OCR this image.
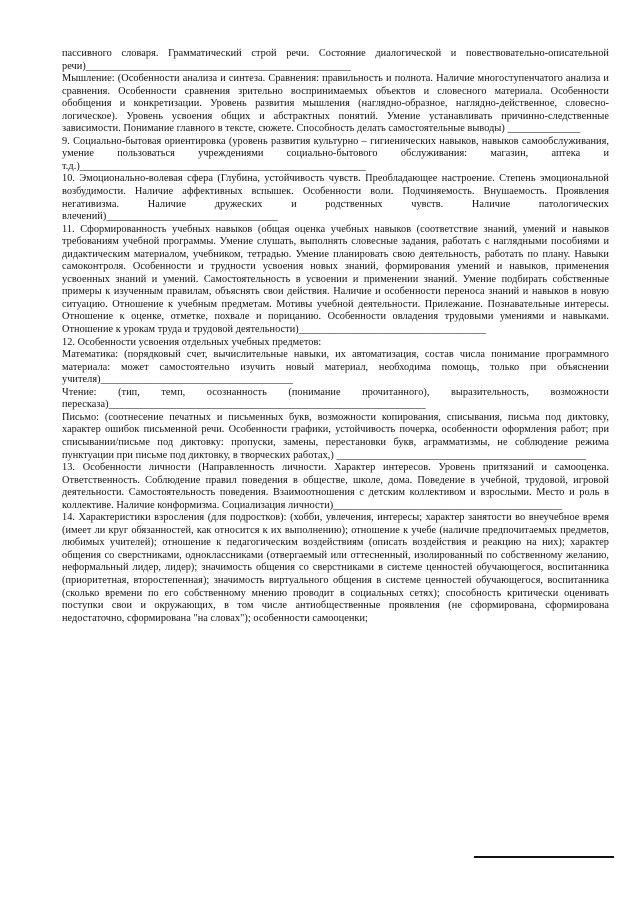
пассивного словаря. Грамматический строй речи. Состояние диалогической и повествовательно-описательной речи)___________________________________________________

Мышление: (Особенности анализа и синтеза. Сравнения: правильность и полнота. Наличие многоступенчатого анализа и сравнения. Особенности сравнения зрительно воспринимаемых объектов и словесного материала. Особенности обобщения и конкретизации. Уровень развития мышления (наглядно-образное, наглядно-действенное, словесно-логическое). Уровень усвоения общих и абстрактных понятий. Умение устанавливать причинно-следственные зависимости. Понимание главного в тексте, сюжете. Способность делать самостоятельные выводы) ______________

9. Социально-бытовая ориентировка (уровень развития культурно – гигиенических навыков, навыков самообслуживания, умение пользоваться учреждениями социально-бытового обслуживания: магазин, аптека и т.д.)_______________________________________________________

10. Эмоционально-волевая сфера (Глубина, устойчивость чувств. Преобладающее настроение. Степень эмоциональной возбудимости. Наличие аффективных вспышек. Особенности воли. Подчиняемость. Внушаемость. Проявления негативизма. Наличие дружеских и родственных чувств. Наличие патологических влечений)_________________________________

11. Сформированность учебных навыков (общая оценка учебных навыков (соответствие знаний, умений и навыков требованиям учебной программы. Умение слушать, выполнять словесные задания, работать с наглядными пособиями и дидактическим материалом, учебником, тетрадью. Умение планировать свою деятельность, работать по плану. Навыки самоконтроля. Особенности и трудности усвоения новых знаний, формирования умений и навыков, применения усвоенных знаний и умений. Самостоятельность в усвоении и применении знаний. Умение подбирать собственные примеры к изученным правилам, объяснять свои действия. Наличие и особенности переноса знаний и навыков в новую ситуацию. Отношение к учебным предметам. Мотивы учебной деятельности. Прилежание. Познавательные интересы. Отношение к оценке, отметке, похвале и порицанию. Особенности овладения трудовыми умениями и навыками. Отношение к урокам труда и трудовой деятельности)____________________________________

12. Особенности усвоения отдельных учебных предметов:

Математика: (порядковый счет, вычислительные навыки, их автоматизация, состав числа понимание программного материала: может самостоятельно изучить новый материал, необходима помощь, только при объяснении учителя)_____________________________________

Чтение: (тип, темп, осознанность (понимание прочитанного), выразительность, возможности пересказа)_____________________________________________________________

Письмо: (соотнесение печатных и письменных букв, возможности копирования, списывания, письма под диктовку, характер ошибок письменной речи. Особенности графики, устойчивость почерка, особенности оформления работ; при списывании/письме под диктовку: пропуски, замены, перестановки букв, аграмматизмы, не соблюдение режима пунктуации при письме под диктовку, в творческих работах,) ________________________________________________

13. Особенности личности (Направленность личности. Характер интересов. Уровень притязаний и самооценка. Ответственность. Соблюдение правил поведения в обществе, школе, дома. Поведение в учебной, трудовой, игровой деятельности. Самостоятельность поведения. Взаимоотношения с детским коллективом и взрослыми. Место и роль в коллективе. Наличие конформизма. Социализация личности)____________________________________________

14. Характеристики взросления (для подростков): (хобби, увлечения, интересы; характер занятости во внеучебное время (имеет ли круг обязанностей, как относится к их выполнению); отношение к учебе (наличие предпочитаемых предметов, любимых учителей); отношение к педагогическим воздействиям (описать воздействия и реакцию на них); характер общения со сверстниками, одноклассниками (отвергаемый или оттесненный, изолированный по собственному желанию, неформальный лидер, лидер); значимость общения со сверстниками в системе ценностей обучающегося, воспитанника (приоритетная, второстепенная); значимость виртуального общения в системе ценностей обучающегося, воспитанника (сколько времени по его собственному мнению проводит в социальных сетях); способность критически оценивать поступки свои и окружающих, в том числе антиобщественные проявления (не сформирована, сформирована недостаточно, сформирована "на словах"); особенности самооценки;
